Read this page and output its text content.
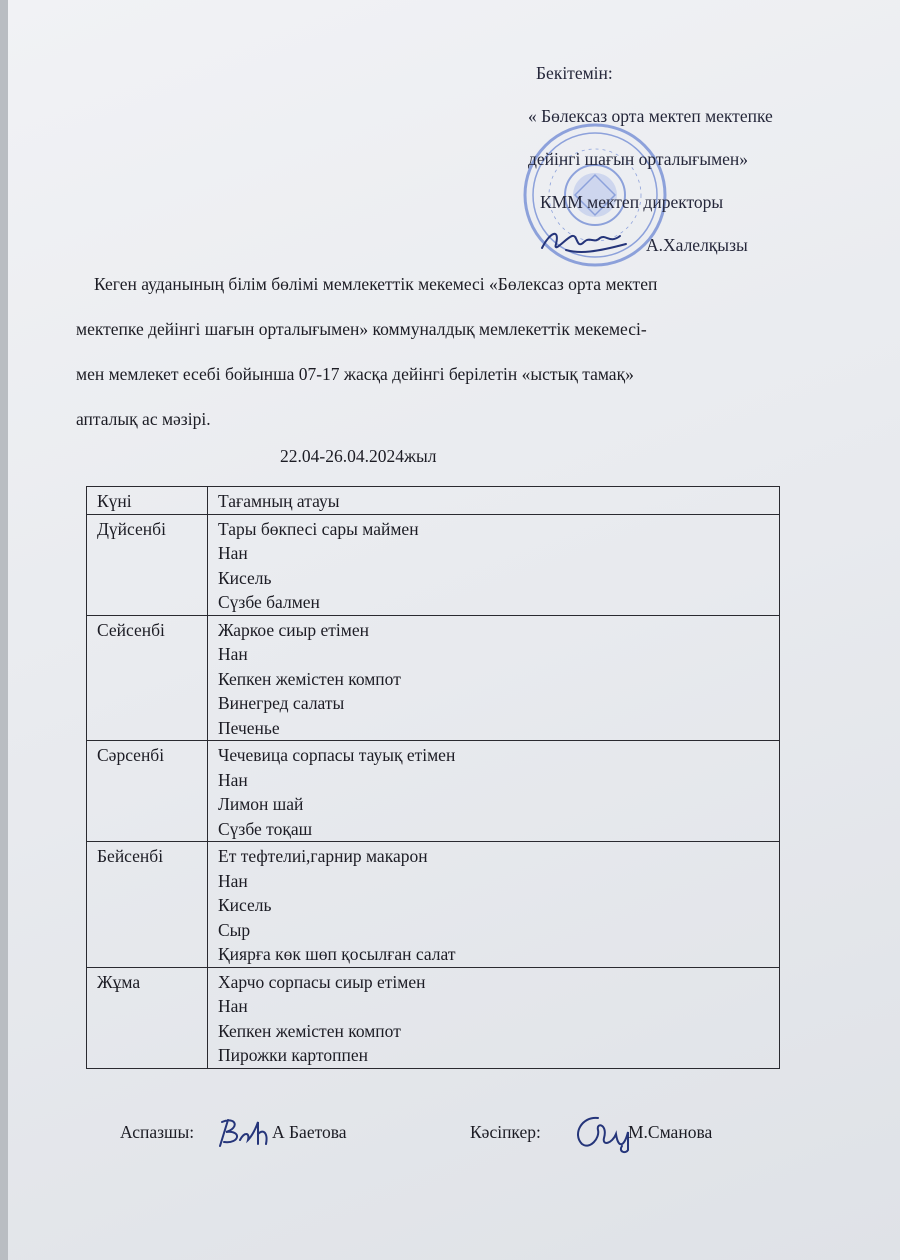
Бекітемін:
« Бөлексаз орта мектеп мектепке
дейінгі шағын орталығымен»
КММ мектеп директоры
А.Халелқызы
Кеген ауданының білім бөлімі мемлекеттік мекемесі «Бөлексаз орта мектеп
мектепке дейінгі шағын орталығымен» коммуналдық мемлекеттік мекемесі-
мен мемлекет есебі бойынша 07-17 жасқа дейінгі берілетін «ыстық тамақ»
апталық ас мәзірі.
22.04-26.04.2024жыл
Күні	Тағамның атауы
Дүйсенбі	Тары бөкпесі сары маймен
Нан
Кисель
Сүзбе балмен

Сейсенбі	Жаркое сиыр етімен
Нан
Кепкен жемістен компот
Винегред салаты
Печенье

Сәрсенбі	Чечевица сорпасы тауық етімен
Нан
Лимон шай
Сүзбе тоқаш

Бейсенбі	Ет тефтелиі,гарнир макарон
Нан
Кисель
Сыр
Қиярға көк шөп қосылған салат

Жұма	Харчо сорпасы сиыр етімен
Нан
Кепкен жемістен компот
Пирожки картоппен
Аспазшы:	А Баетова	Кәсіпкер:	М.Сманова
